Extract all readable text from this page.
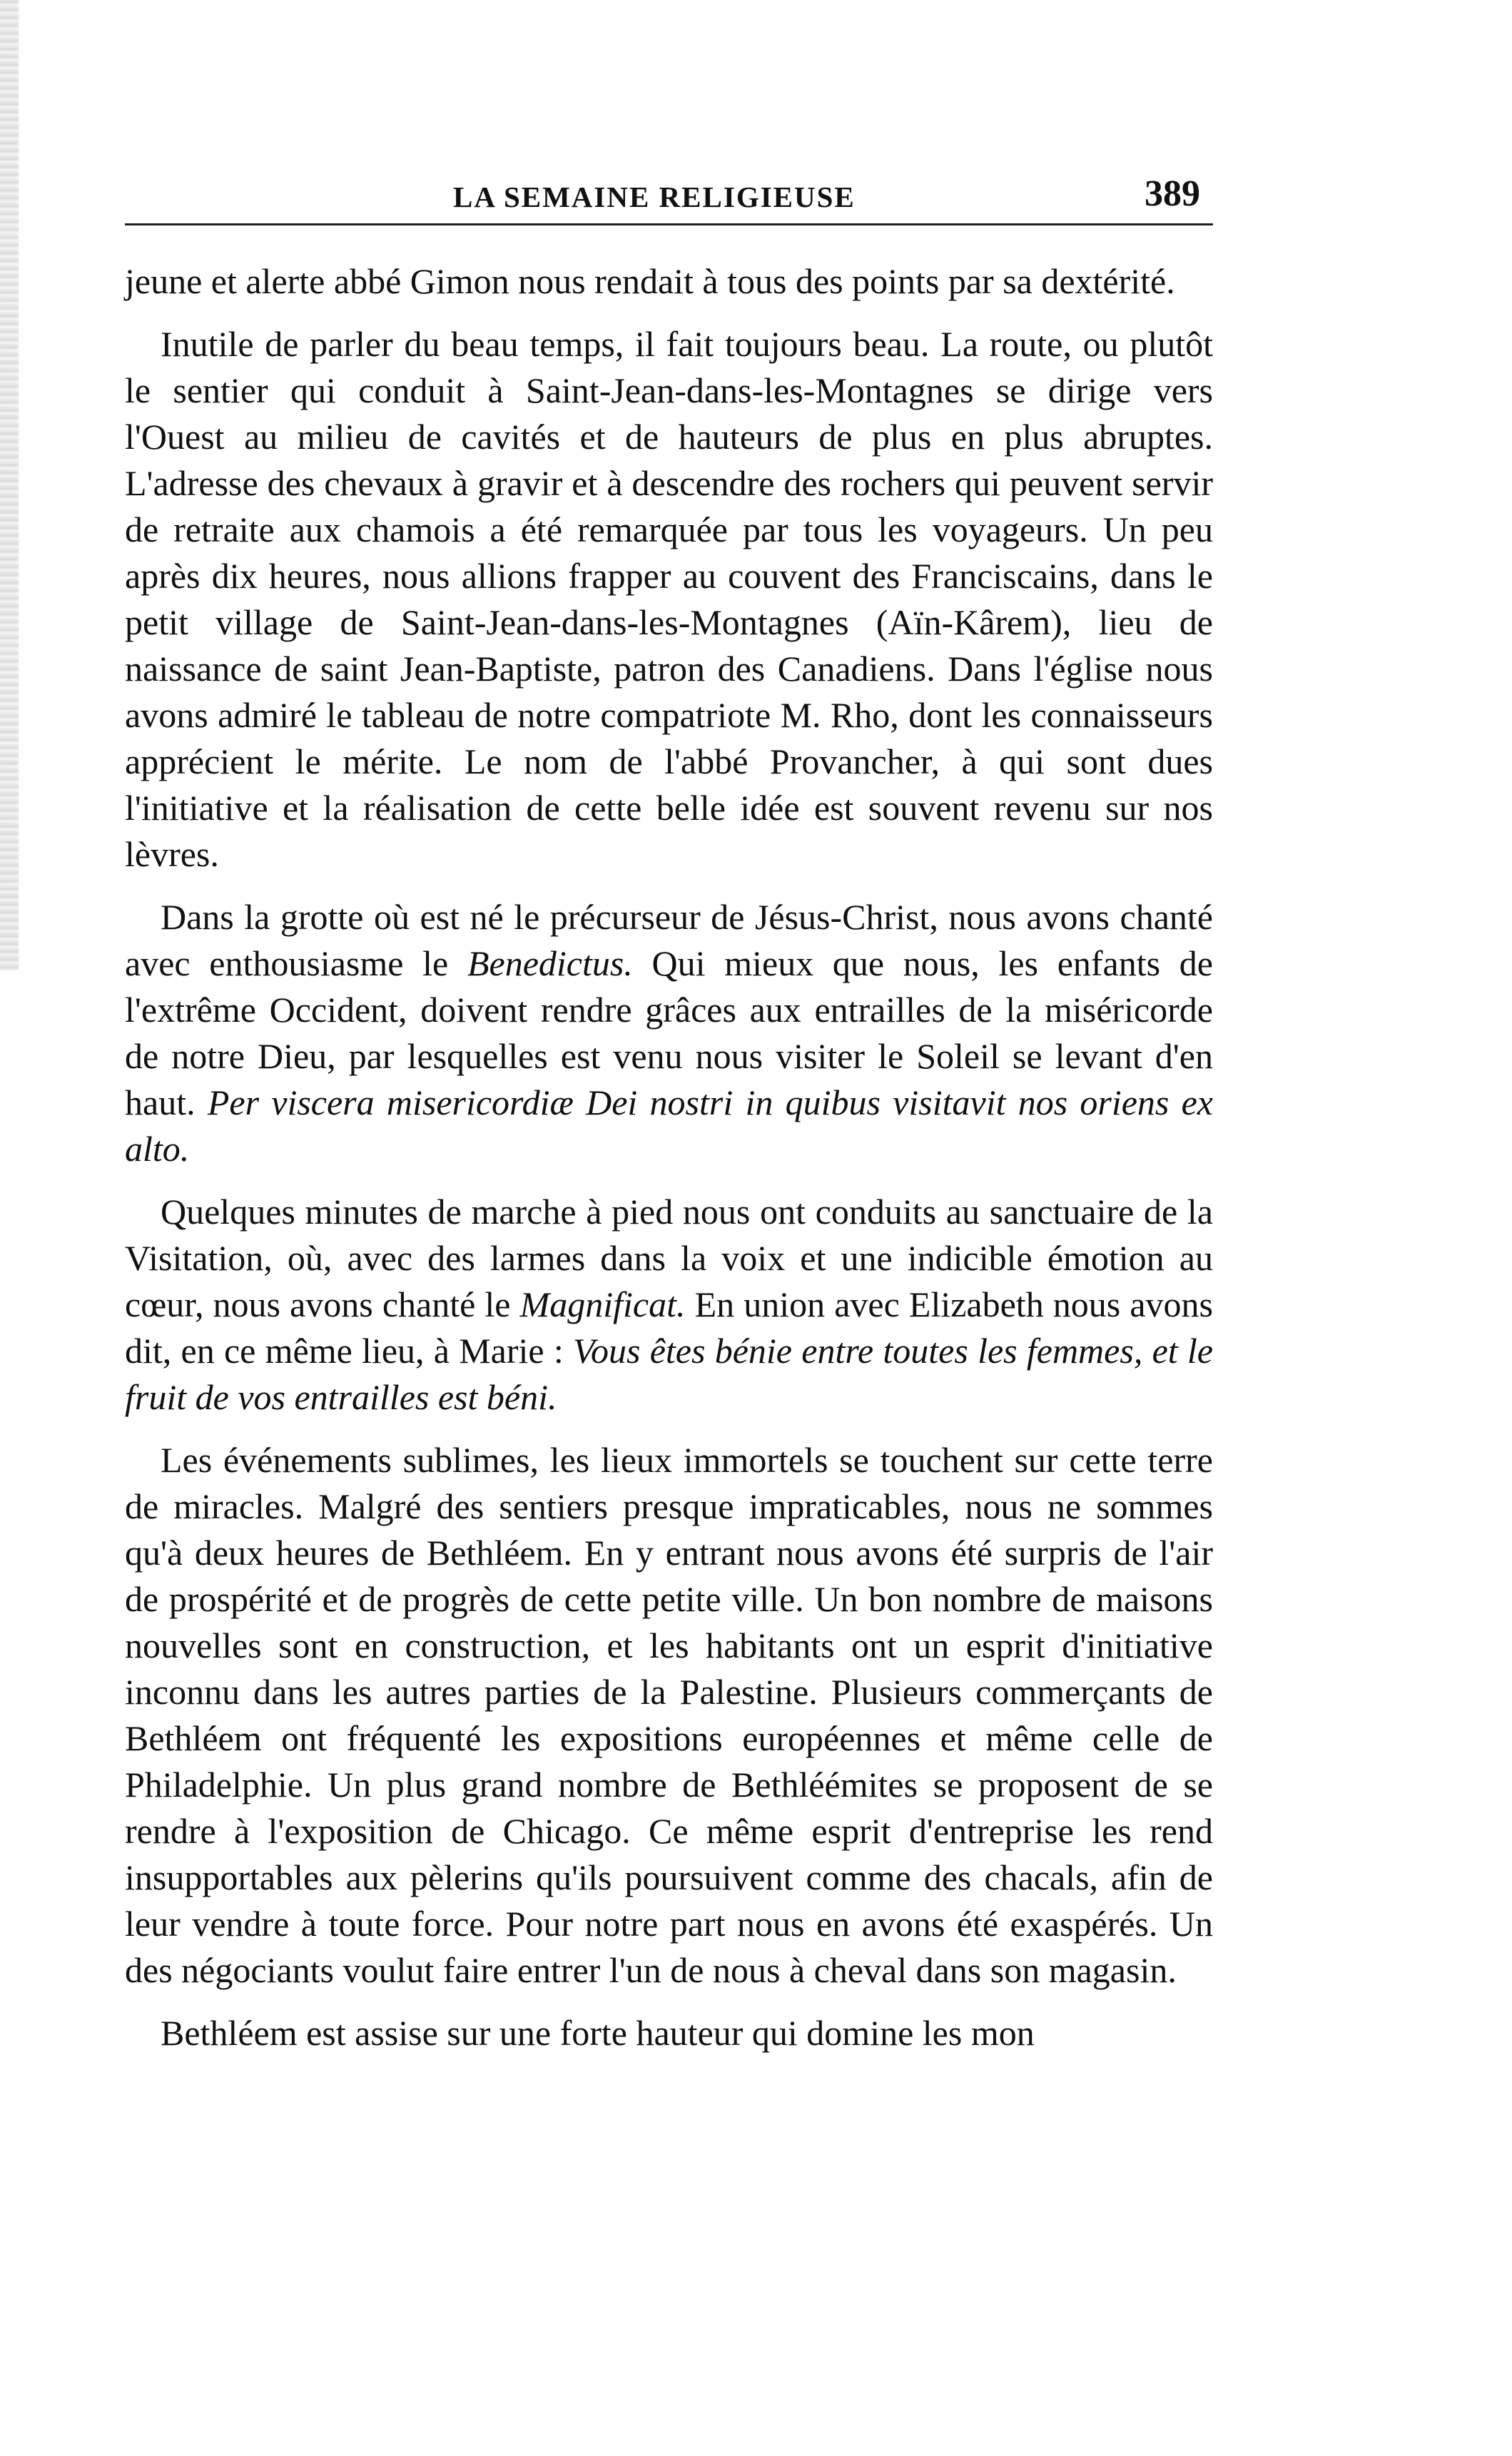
LA SEMAINE RELIGIEUSE	389

jeune et alerte abbé Gimon nous rendait à tous des points par sa dextérité.

Inutile de parler du beau temps, il fait toujours beau. La route, ou plutôt le sentier qui conduit à Saint-Jean-dans-les-Montagnes se dirige vers l'Ouest au milieu de cavités et de hauteurs de plus en plus abruptes. L'adresse des chevaux à gravir et à descendre des rochers qui peuvent servir de retraite aux chamois a été remarquée par tous les voyageurs. Un peu après dix heures, nous allions frapper au couvent des Franciscains, dans le petit village de Saint-Jean-dans-les-Montagnes (Aïn-Kârem), lieu de naissance de saint Jean-Baptiste, patron des Canadiens. Dans l'église nous avons admiré le tableau de notre compatriote M. Rho, dont les connaisseurs apprécient le mérite. Le nom de l'abbé Provancher, à qui sont dues l'initiative et la réalisation de cette belle idée est souvent revenu sur nos lèvres.

Dans la grotte où est né le précurseur de Jésus-Christ, nous avons chanté avec enthousiasme le Benedictus. Qui mieux que nous, les enfants de l'extrême Occident, doivent rendre grâces aux entrailles de la miséricorde de notre Dieu, par lesquelles est venu nous visiter le Soleil se levant d'en haut. Per viscera misericordiæ Dei nostri in quibus visitavit nos oriens ex alto.

Quelques minutes de marche à pied nous ont conduits au sanctuaire de la Visitation, où, avec des larmes dans la voix et une indicible émotion au cœur, nous avons chanté le Magnificat. En union avec Elizabeth nous avons dit, en ce même lieu, à Marie : Vous êtes bénie entre toutes les femmes, et le fruit de vos entrailles est béni.

Les événements sublimes, les lieux immortels se touchent sur cette terre de miracles. Malgré des sentiers presque impraticables, nous ne sommes qu'à deux heures de Bethléem. En y entrant nous avons été surpris de l'air de prospérité et de progrès de cette petite ville. Un bon nombre de maisons nouvelles sont en construction, et les habitants ont un esprit d'initiative inconnu dans les autres parties de la Palestine. Plusieurs commerçants de Bethléem ont fréquenté les expositions européennes et même celle de Philadelphie. Un plus grand nombre de Bethléémites se proposent de se rendre à l'exposition de Chicago. Ce même esprit d'entreprise les rend insupportables aux pèlerins qu'ils poursuivent comme des chacals, afin de leur vendre à toute force. Pour notre part nous en avons été exaspérés. Un des négociants voulut faire entrer l'un de nous à cheval dans son magasin.

Bethléem est assise sur une forte hauteur qui domine les mon
